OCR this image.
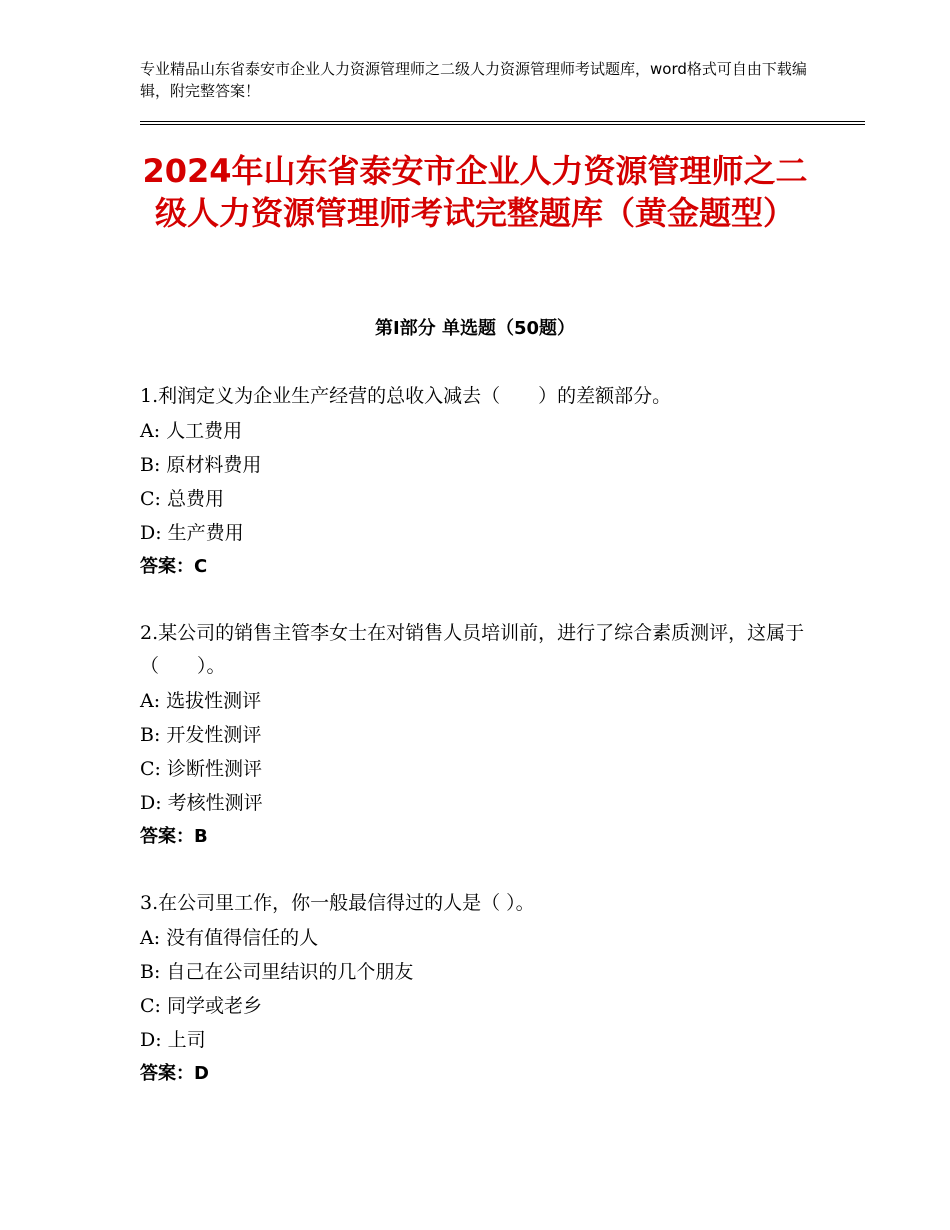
专业精品山东省泰安市企业人力资源管理师之二级人力资源管理师考试题库，word格式可自由下载编辑，附完整答案！
2024年山东省泰安市企业人力资源管理师之二级人力资源管理师考试完整题库（黄金题型）
第Ⅰ部分 单选题（50题）
1.利润定义为企业生产经营的总收入减去（　　）的差额部分。
A: 人工费用
B: 原材料费用
C: 总费用
D: 生产费用
答案：C
2.某公司的销售主管李女士在对销售人员培训前，进行了综合素质测评，这属于（　　）。
A: 选拔性测评
B: 开发性测评
C: 诊断性测评
D: 考核性测评
答案：B
3.在公司里工作，你一般最信得过的人是（ ）。
A: 没有值得信任的人
B: 自己在公司里结识的几个朋友
C: 同学或老乡
D: 上司
答案：D
